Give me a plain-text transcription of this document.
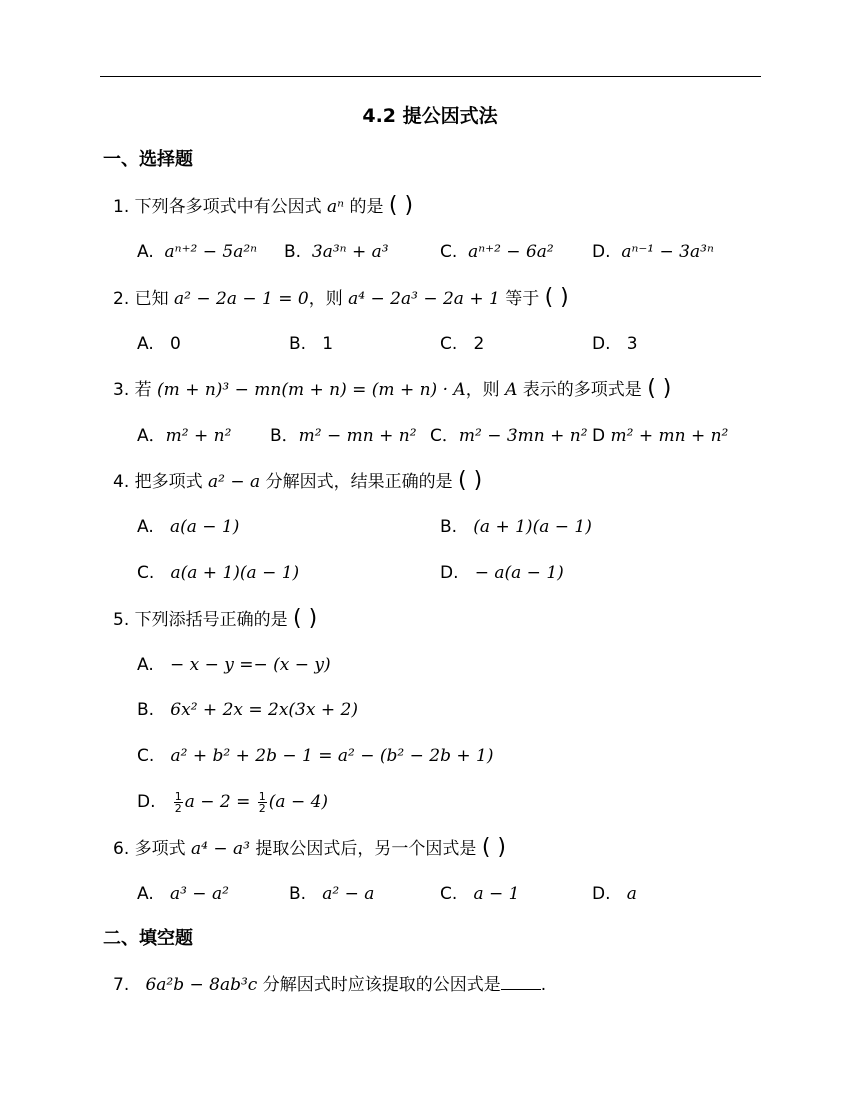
4.2 提公因式法
一、选择题
1. 下列各多项式中有公因式 aⁿ 的是 ( )
A. aⁿ⁺² − 5a²ⁿ B. 3a³ⁿ + a³	C. aⁿ⁺² − 6a² D. aⁿ⁻¹ − 3a³ⁿ
2. 已知 a² − 2a − 1 = 0，则 a⁴ − 2a³ − 2a + 1 等于 ( )
A. 0	B. 1	C. 2	D. 3
3. 若 (m + n)³ − mn(m + n) = (m + n) · A，则 A 表示的多项式是 ( )
A．m² + n² B．m² − mn + n² C．m² − 3mn + n² D m² + mn + n²
4. 把多项式 a² − a 分解因式，结果正确的是 ( )
A. a(a − 1)	B. (a + 1)(a − 1)
C. a(a + 1)(a − 1)	D. − a(a − 1)
5. 下列添括号正确的是 ( )
A. − x − y =− (x − y)
B. 6x² + 2x = 2x(3x + 2)
C. a² + b² + 2b − 1 = a² − (b² − 2b + 1)
D. $\frac{1}{2}$ $a - 2 = \frac{1}{2} (a - 4)$
6. 多项式 a⁴ − a³ 提取公因式后，另一个因式是 ( )
A. a³ − a²	B. a² − a	C. a − 1	D. a
二、填空题
7. 6a²b − 8ab³c 分解因式时应该提取的公因式是 .
